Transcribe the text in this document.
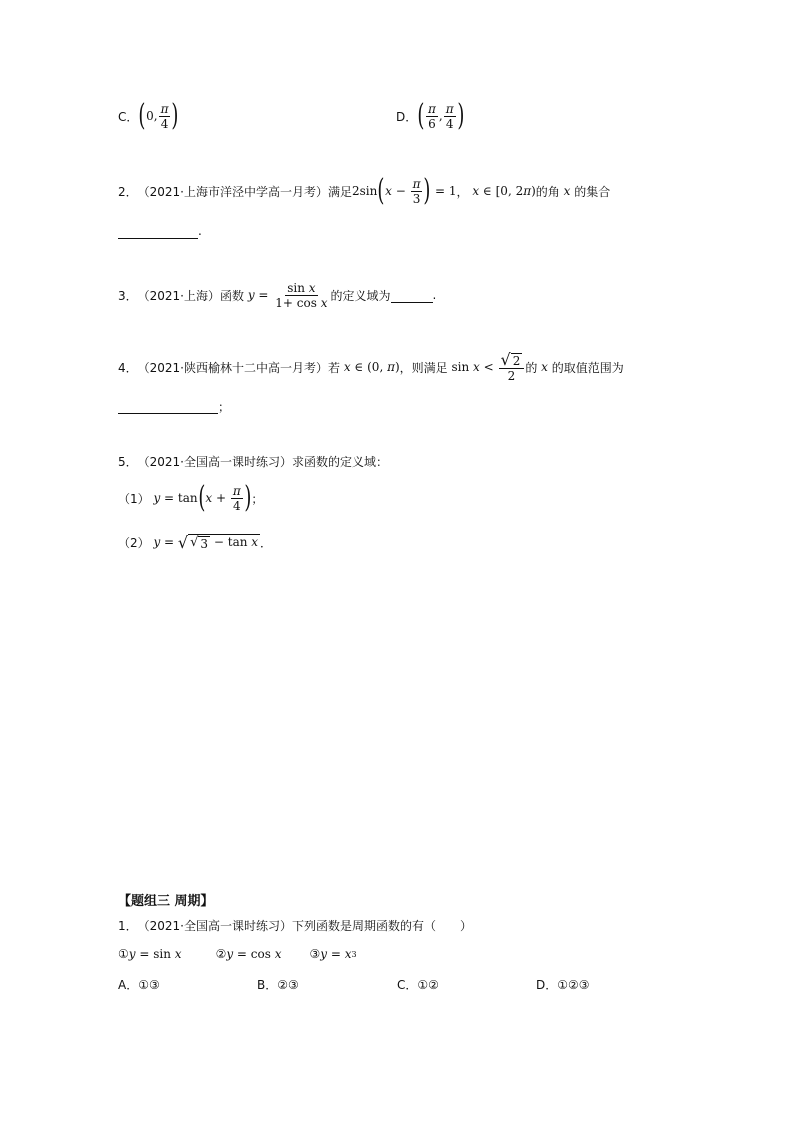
C． ( 0, $\frac{\pi}{4}$ )	D． ( $\frac{\pi}{6}$ , $\frac{\pi}{4}$ )
2． （2021·上海市洋泾中学高一月考） 满足 2sin ( $x - \frac{\pi}{3}$ ) = 1 ， x ∈ [0, 2 π ) 的角 x 的集合
.
3． （2021·上海） 函数 $y = \frac{\text{sin x}}{\text{1+ cos x}}$ 的定义域为	.
4． （2021·陕西榆林十二中高一月考） 若 x ∈ (0, π ) ，则满足 $\sin x < \frac{√ 2}{2}$ 的 x 的取值范围为
；
5． （2021·全国高一课时练习） 求函数的定义域：
（1） y = tan ( $x + \frac{\pi}{4}$ ) ；
（2） y = √ √ 3 − tan x ．
【题组三 周期】
1． （2021·全国高一课时练习） 下列函数是周期函数的有（　　）
① y = sin x	② y = cos x ③ y = x 3
A．①③	B．②③	C．①②	D．①②③
